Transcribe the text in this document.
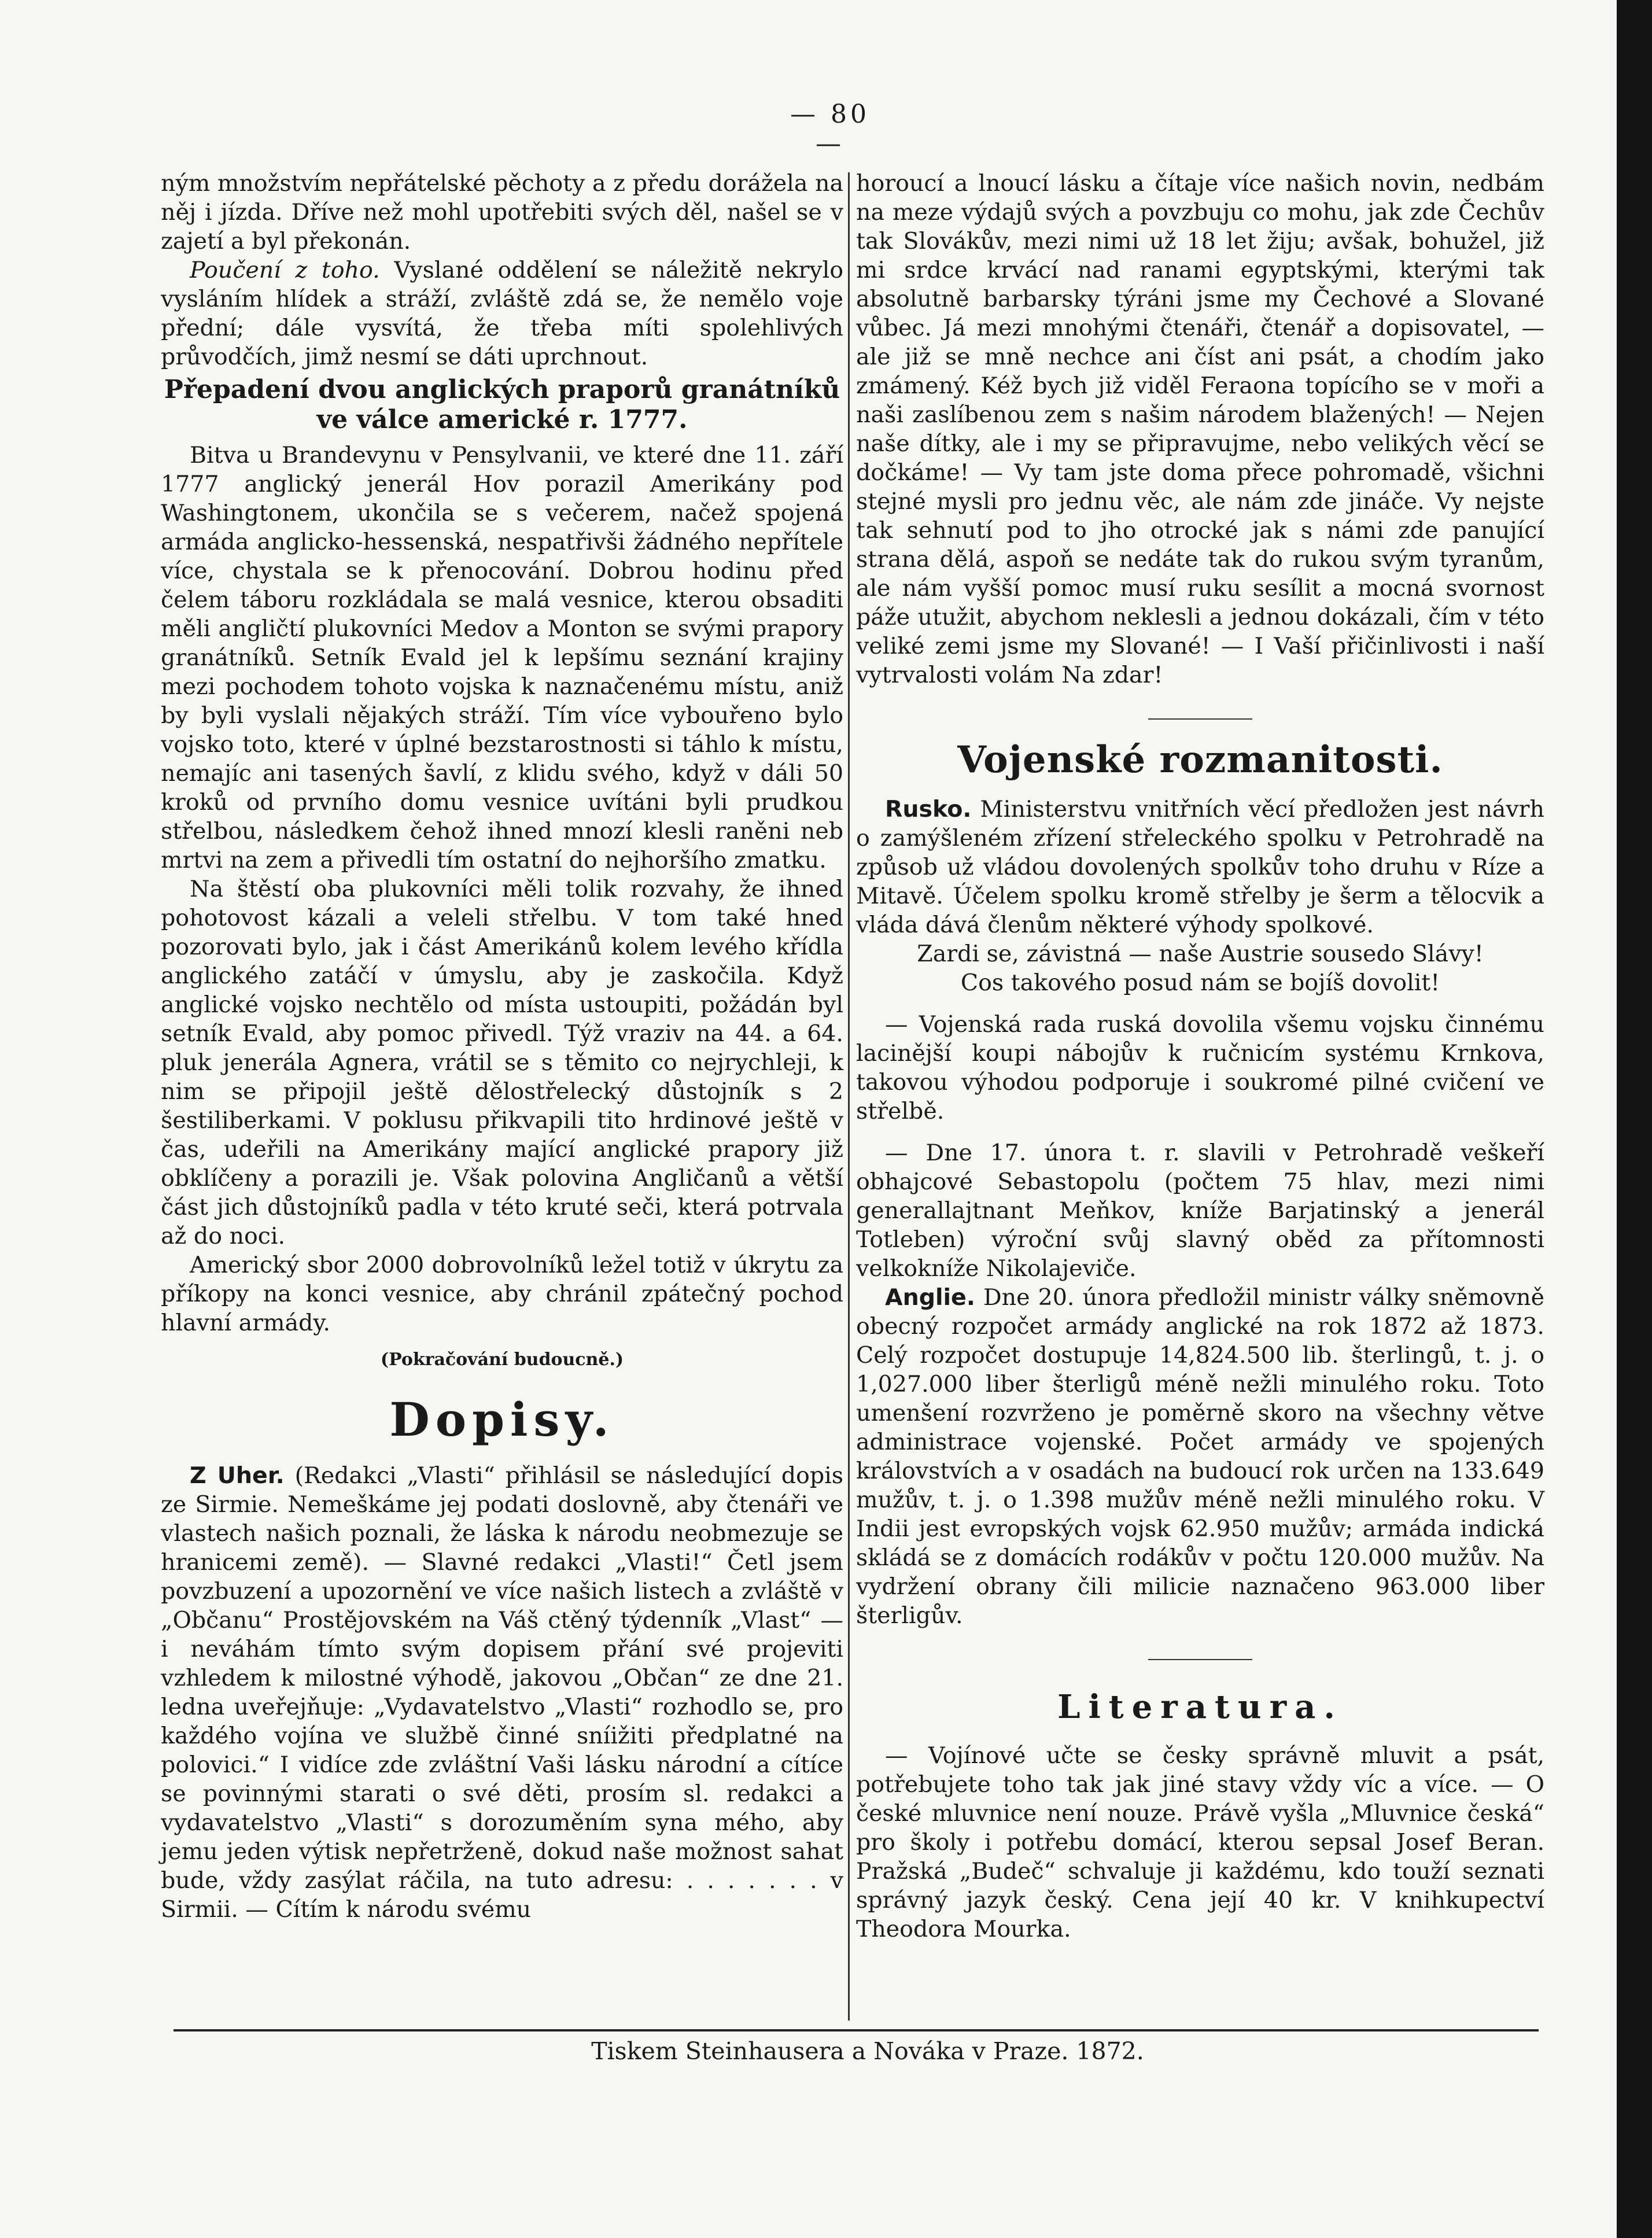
— 80 —

ným množstvím nepřátelské pěchoty a z předu dorážela na něj i jízda. Dříve než mohl upotřebiti svých děl, našel se v zajetí a byl překonán.

Poučení z toho. Vyslané oddělení se náležitě nekrylo vysláním hlídek a stráží, zvláště zdá se, že nemělo voje přední; dále vysvítá, že třeba míti spolehlivých průvodčích, jimž nesmí se dáti uprchnout.

Přepadení dvou anglických praporů granátníků ve válce americké r. 1777.

Bitva u Brandevynu v Pensylvanii, ve které dne 11. září 1777 anglický jenerál Hov porazil Amerikány pod Washingtonem, ukončila se s večerem, načež spojená armáda anglicko-hessenská, nespatřivši žádného nepřítele více, chystala se k přenocování. Dobrou hodinu před čelem táboru rozkládala se malá vesnice, kterou obsaditi měli angličtí plukovníci Medov a Monton se svými prapory granátníků. Setník Evald jel k lepšímu seznání krajiny mezi pochodem tohoto vojska k naznačenému místu, aniž by byli vyslali nějakých stráží. Tím více vybouřeno bylo vojsko toto, které v úplné bezstarostnosti si táhlo k místu, nemajíc ani tasených šavlí, z klidu svého, když v dáli 50 kroků od prvního domu vesnice uvítáni byli prudkou střelbou, následkem čehož ihned mnozí klesli raněni neb mrtvi na zem a přivedli tím ostatní do nejhoršího zmatku.

Na štěstí oba plukovníci měli tolik rozvahy, že ihned pohotovost kázali a veleli střelbu. V tom také hned pozorovati bylo, jak i část Amerikánů kolem levého křídla anglického zatáčí v úmyslu, aby je zaskočila. Když anglické vojsko nechtělo od místa ustoupiti, požádán byl setník Evald, aby pomoc přivedl. Týž vraziv na 44. a 64. pluk jenerála Agnera, vrátil se s těmito co nejrychleji, k nim se připojil ještě dělostřelecký důstojník s 2 šestiliberkami. V poklusu přikvapili tito hrdinové ještě v čas, udeřili na Amerikány mající anglické prapory již obklíčeny a porazili je. Však polovina Angličanů a větší část jich důstojníků padla v této kruté seči, která potrvala až do noci.

Americký sbor 2000 dobrovolníků ležel totiž v úkrytu za příkopy na konci vesnice, aby chránil zpátečný pochod hlavní armády.

(Pokračování budoucně.)
Dopisy.

Z Uher. (Redakci „Vlasti“ přihlásil se následující dopis ze Sirmie. Nemeškáme jej podati doslovně, aby čtenáři ve vlastech našich poznali, že láska k národu neobmezuje se hranicemi země). — Slavné redakci „Vlasti!“ Četl jsem povzbuzení a upozornění ve více našich listech a zvláště v „Občanu“ Prostějovském na Váš ctěný týdenník „Vlast“ — i neváhám tímto svým dopisem přání své projeviti vzhledem k milostné výhodě, jakovou „Občan“ ze dne 21. ledna uveřejňuje: „Vydavatelstvo „Vlasti“ rozhodlo se, pro každého vojína ve službě činné sníižiti předplatné na polovici.“ I vidíce zde zvláštní Vaši lásku národní a cítíce se povinnými starati o své děti, prosím sl. redakci a vydavatelstvo „Vlasti“ s dorozuměním syna mého, aby jemu jeden výtisk nepřetrženě, dokud naše možnost sahat bude, vždy zasýlat ráčila, na tuto adresu: . . . . . . . v Sirmii. — Cítím k národu svému

horoucí a lnoucí lásku a čítaje více našich novin, nedbám na meze výdajů svých a povzbuju co mohu, jak zde Čechův tak Slovákův, mezi nimi už 18 let žiju; avšak, bohužel, již mi srdce krvácí nad ranami egyptskými, kterými tak absolutně barbarsky týráni jsme my Čechové a Slované vůbec. Já mezi mnohými čtenáři, čtenář a dopisovatel, — ale již se mně nechce ani číst ani psát, a chodím jako zmámený. Kéž bych již viděl Feraona topícího se v moři a naši zaslíbenou zem s našim národem blažených! — Nejen naše dítky, ale i my se připravujme, nebo velikých věcí se dočkáme! — Vy tam jste doma přece pohromadě, všichni stejné mysli pro jednu věc, ale nám zde jináče. Vy nejste tak sehnutí pod to jho otrocké jak s námi zde panující strana dělá, aspoň se nedáte tak do rukou svým tyranům, ale nám vyšší pomoc musí ruku sesílit a mocná svornost páže utužit, abychom neklesli a jednou dokázali, čím v této veliké zemi jsme my Slované! — I Vaší přičinlivosti i naší vytrvalosti volám Na zdar!

Vojenské rozmanitosti.

Rusko. Ministerstvu vnitřních věcí předložen jest návrh o zamýšleném zřízení střeleckého spolku v Petrohradě na způsob už vládou dovolených spolkův toho druhu v Ríze a Mitavě. Účelem spolku kromě střelby je šerm a tělocvik a vláda dává členům některé výhody spolkové.

Zardi se, závistná — naše Austrie sousedo Slávy!

Cos takového posud nám se bojíš dovolit!

— Vojenská rada ruská dovolila všemu vojsku činnému lacinější koupi nábojův k ručnicím systému Krnkova, takovou výhodou podporuje i soukromé pilné cvičení ve střelbě.

— Dne 17. února t. r. slavili v Petrohradě veškeří obhajcové Sebastopolu (počtem 75 hlav, mezi nimi generallajtnant Meňkov, kníže Barjatinský a jenerál Totleben) výroční svůj slavný oběd za přítomnosti velkokníže Nikolajeviče.

Anglie. Dne 20. února předložil ministr války sněmovně obecný rozpočet armády anglické na rok 1872 až 1873. Celý rozpočet dostupuje 14,824.500 lib. šterlingů, t. j. o 1,027.000 liber šterligů méně nežli minulého roku. Toto umenšení rozvrženo je poměrně skoro na všechny větve administrace vojenské. Počet armády ve spojených královstvích a v osadách na budoucí rok určen na 133.649 mužův, t. j. o 1.398 mužův méně nežli minulého roku. V Indii jest evropských vojsk 62.950 mužův; armáda indická skládá se z domácích rodákův v počtu 120.000 mužův. Na vydržení obrany čili milicie naznačeno 963.000 liber šterligův.

Literatura.

— Vojínové učte se česky správně mluvit a psát, potřebujete toho tak jak jiné stavy vždy víc a více. — O české mluvnice není nouze. Právě vyšla „Mluvnice česká“ pro školy i potřebu domácí, kterou sepsal Josef Beran. Pražská „Budeč“ schvaluje ji každému, kdo touží seznati správný jazyk český. Cena její 40 kr. V knihkupectví Theodora Mourka.

Tiskem Steinhausera a Nováka v Praze. 1872.
